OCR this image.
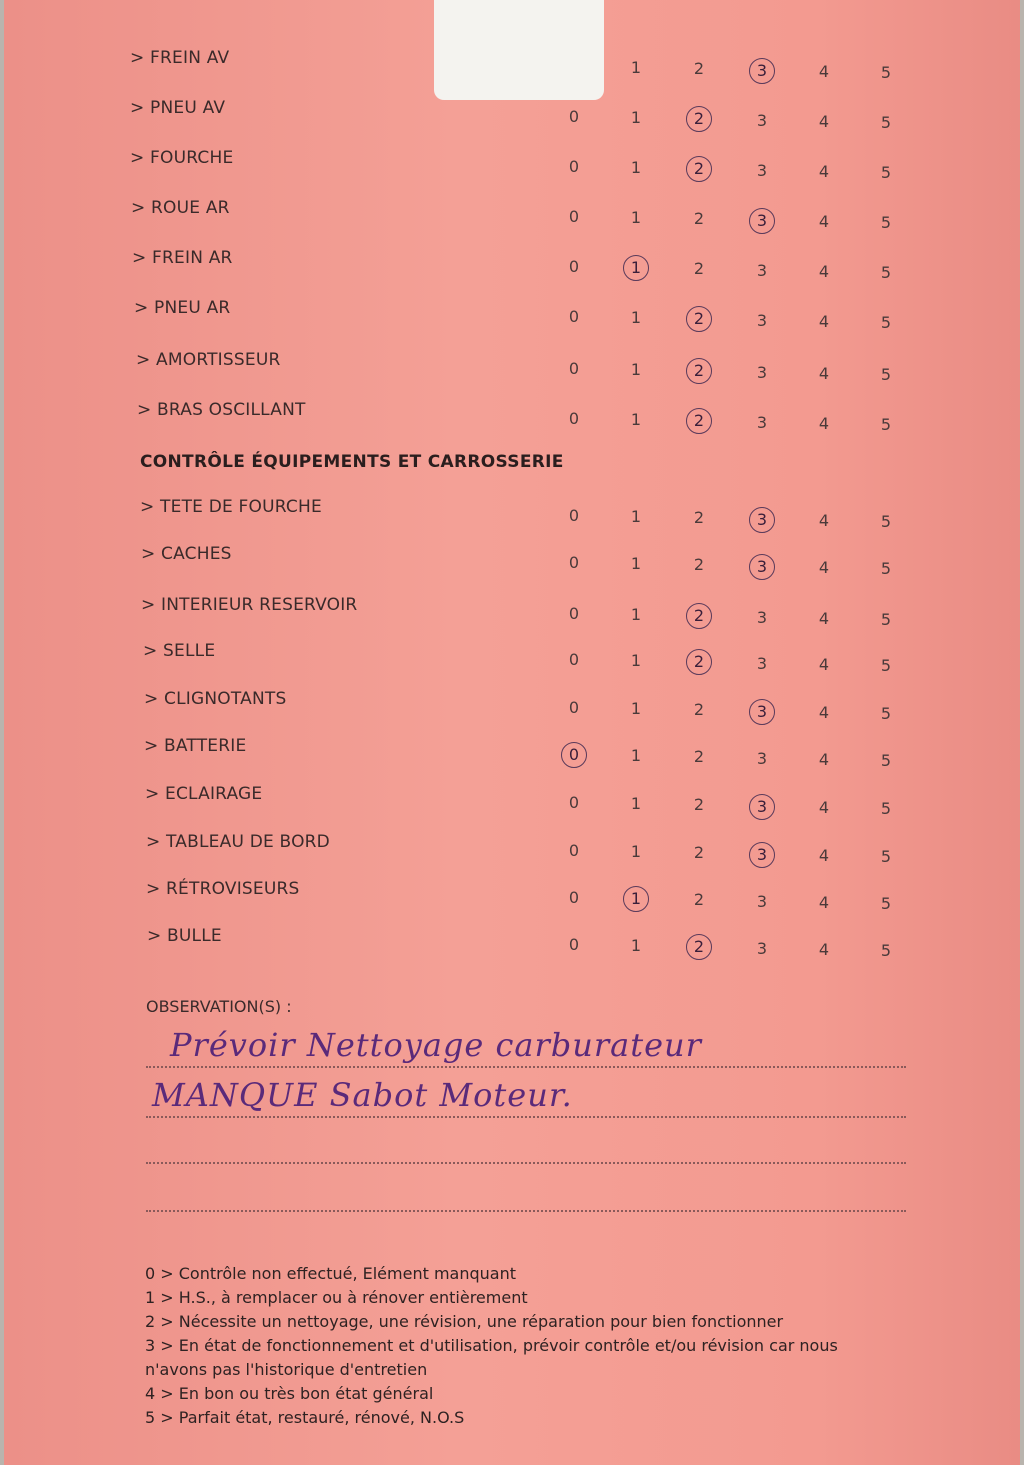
> FREIN AV	1	2	3	4	5
> PNEU AV	0	1	2	3	4	5
> FOURCHE	0	1	2	3	4	5
> ROUE AR	0	1	2	3	4	5
> FREIN AR	0	1	2	3	4	5
> PNEU AR	0	1	2	3	4	5
> AMORTISSEUR	0	1	2	3	4	5
> BRAS OSCILLANT	0	1	2	3	4	5
> TETE DE FOURCHE	0	1	2	3	4	5
> CACHES	0	1	2	3	4	5
> INTERIEUR RESERVOIR	0	1	2	3	4	5
> SELLE	0	1	2	3	4	5
> CLIGNOTANTS	0	1	2	3	4	5
> BATTERIE	0	1	2	3	4	5
> ECLAIRAGE	0	1	2	3	4	5
> TABLEAU DE BORD	0	1	2	3	4	5
> RÉTROVISEURS	0	1	2	3	4	5
> BULLE	0	1	2	3	4	5
CONTRÔLE ÉQUIPEMENTS ET CARROSSERIE
OBSERVATION(S) :
Prévoir Nettoyage carburateur
MANQUE Sabot Moteur.
0 > Contrôle non effectué, Elément manquant
1 > H.S., à remplacer ou à rénover entièrement
2 > Nécessite un nettoyage, une révision, une réparation pour bien fonctionner
3 > En état de fonctionnement et d'utilisation, prévoir contrôle et/ou révision car nous
n'avons pas l'historique d'entretien
4 > En bon ou très bon état général
5 > Parfait état, restauré, rénové, N.O.S
